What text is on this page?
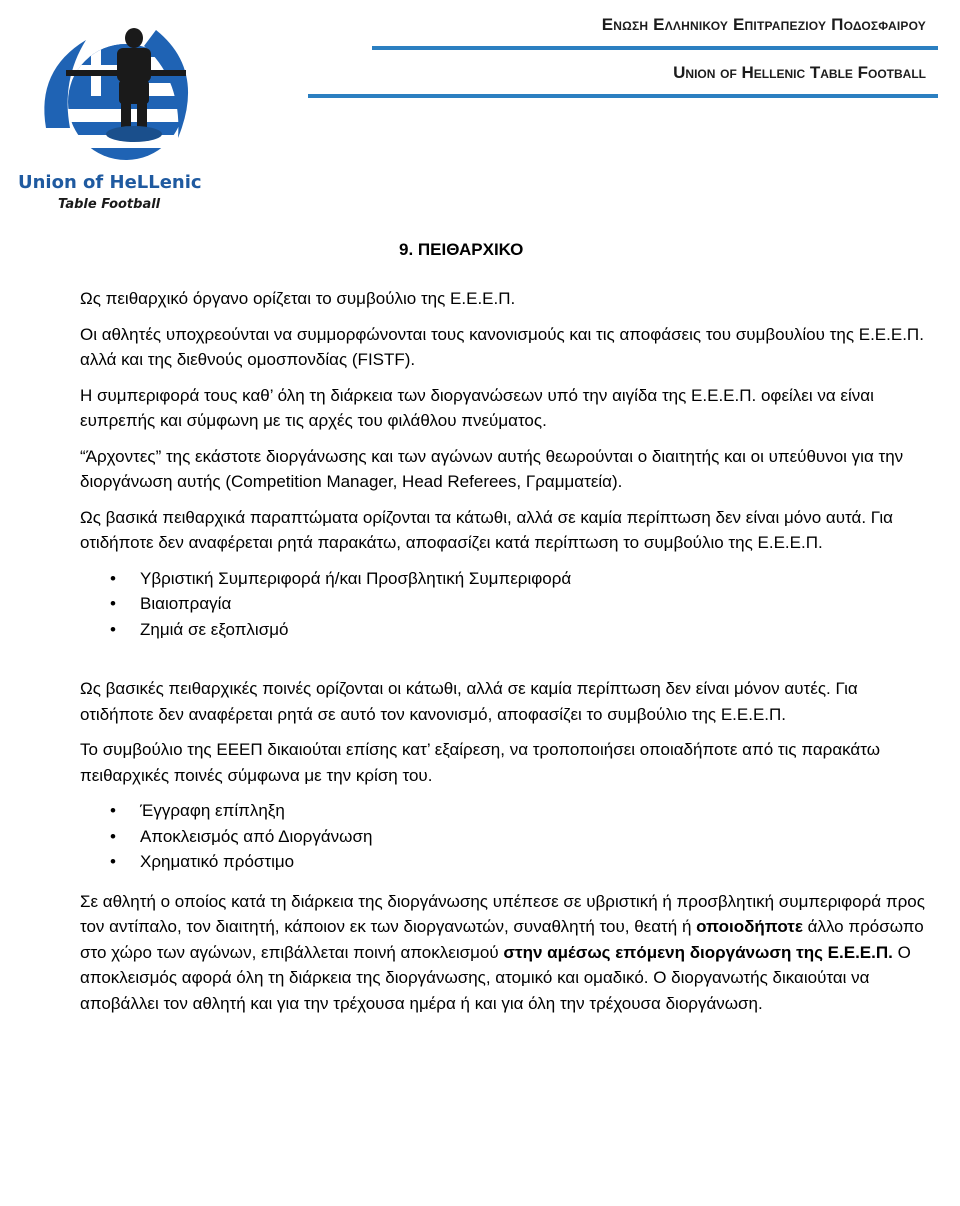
Union of HeLLenic
Table Football
Ενωση Ελληνικου Επιτραπεζιου Ποδοσφαιρου
Union of Hellenic Table Football
9. ΠΕΙΘΑΡΧΙΚΟ

Ως πειθαρχικό όργανο ορίζεται το συμβούλιο της Ε.Ε.Ε.Π.

Οι αθλητές υποχρεούνται να συμμορφώνονται τους κανονισμούς και τις αποφάσεις του συμβουλίου της Ε.Ε.Ε.Π. αλλά και της διεθνούς ομοσπονδίας (FISTF).

Η συμπεριφορά τους καθ’ όλη τη διάρκεια των διοργανώσεων υπό την αιγίδα της Ε.Ε.Ε.Π. οφείλει να είναι ευπρεπής και σύμφωνη με τις αρχές του φιλάθλου πνεύματος.

“Άρχοντες” της εκάστοτε διοργάνωσης και των αγώνων αυτής θεωρούνται ο διαιτητής και οι υπεύθυνοι για την διοργάνωση αυτής (Competition Manager, Head Referees, Γραμματεία).

Ως βασικά πειθαρχικά παραπτώματα ορίζονται τα κάτωθι, αλλά σε καμία περίπτωση δεν είναι μόνο αυτά. Για οτιδήποτε δεν αναφέρεται ρητά παρακάτω, αποφασίζει κατά περίπτωση το συμβούλιο της Ε.Ε.Ε.Π.

• Υβριστική Συμπεριφορά ή/και Προσβλητική Συμπεριφορά
• Βιαιοπραγία
• Ζημιά σε εξοπλισμό

Ως βασικές πειθαρχικές ποινές ορίζονται οι κάτωθι, αλλά σε καμία περίπτωση δεν είναι μόνον αυτές. Για οτιδήποτε δεν αναφέρεται ρητά σε αυτό τον κανονισμό, αποφασίζει το συμβούλιο της Ε.Ε.Ε.Π.

Το συμβούλιο της ΕΕΕΠ δικαιούται επίσης κατ’ εξαίρεση, να τροποποιήσει οποιαδήποτε από τις παρακάτω πειθαρχικές ποινές σύμφωνα με την κρίση του.

• Έγγραφη επίπληξη
• Αποκλεισμός από Διοργάνωση
• Χρηματικό πρόστιμο

Σε αθλητή ο οποίος κατά τη διάρκεια της διοργάνωσης υπέπεσε σε υβριστική ή προσβλητική συμπεριφορά προς τον αντίπαλο, τον διαιτητή, κάποιον εκ των διοργανωτών, συναθλητή του, θεατή ή οποιοδήποτε άλλο πρόσωπο στο χώρο των αγώνων, επιβάλλεται ποινή αποκλεισμού στην αμέσως επόμενη διοργάνωση της Ε.Ε.Ε.Π. Ο αποκλεισμός αφορά όλη τη διάρκεια της διοργάνωσης, ατομικό και ομαδικό. Ο διοργανωτής δικαιούται να αποβάλλει τον αθλητή και για την τρέχουσα ημέρα ή και για όλη την τρέχουσα διοργάνωση.
